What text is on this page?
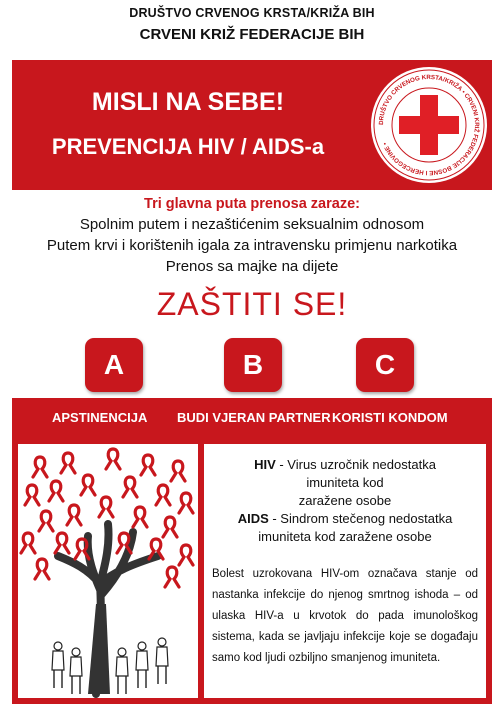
DRUŠTVO CRVENOG KRSTA/KRIŽA BIH
CRVENI KRIŽ FEDERACIJE BIH
MISLI NA SEBE!
PREVENCIJA HIV / AIDS-a
DRUŠTVO CRVENOG KRSTA/KRIŽA • CRVENI KRIŽ FEDERACIJE BOSNE I HERCEGOVINE •
Tri glavna puta prenosa zaraze:
Spolnim putem i nezaštićenim seksualnim odnosom
Putem krvi i korištenih igala za intravensku primjenu narkotika
Prenos sa majke na dijete
ZAŠTITI SE!
A	B	C
APSTINENCIJA BUDI VJERAN PARTNER KORISTI KONDOM
HIV - Virus uzročnik nedostatka
imuniteta kod
zaražene osobe
AIDS - Sindrom stečenog nedostatka
imuniteta kod zaražene osobe
Bolest uzrokovana HIV-om označava stanje od nastanka infekcije do njenog smrtnog ishoda – od ulaska HIV-a u krvotok do pada imunološkog sistema, kada se javljaju infekcije koje se događaju samo kod ljudi ozbiljno smanjenog imuniteta.
